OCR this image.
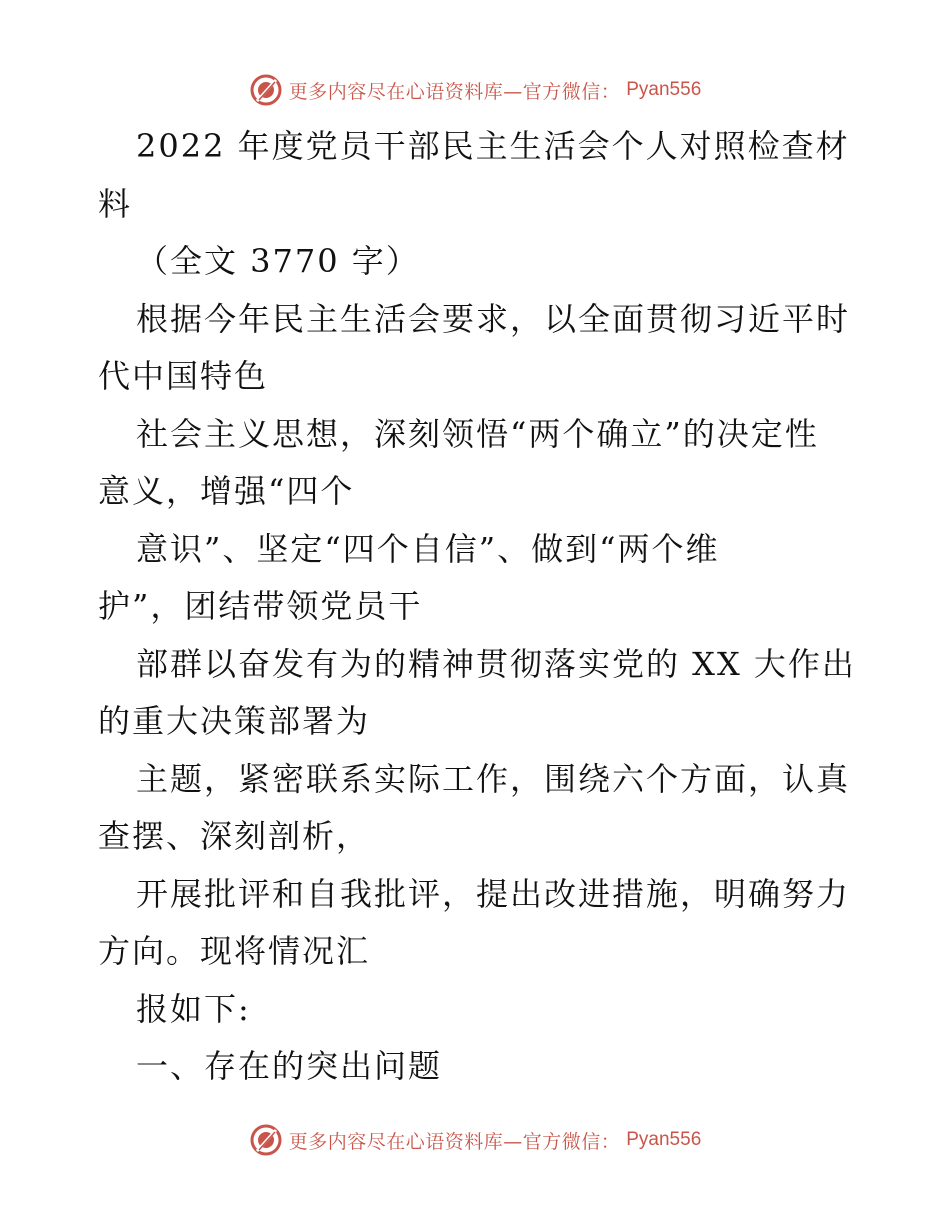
更多内容尽在心语资料库—官方微信： Pyan556

2022 年度党员干部民主生活会个人对照检查材

料

（全文 3770 字）

根据今年民主生活会要求，以全面贯彻习近平时

代中国特色

社会主义思想，深刻领悟“两个确立”的决定性

意义，增强“四个

意识”、坚定“四个自信”、做到“两个维

护”，团结带领党员干

部群以奋发有为的精神贯彻落实党的 XX 大作出

的重大决策部署为

主题，紧密联系实际工作，围绕六个方面，认真

查摆、深刻剖析，

开展批评和自我批评，提出改进措施，明确努力

方向。现将情况汇

报如下:

一、存在的突出问题

更多内容尽在心语资料库—官方微信： Pyan556
